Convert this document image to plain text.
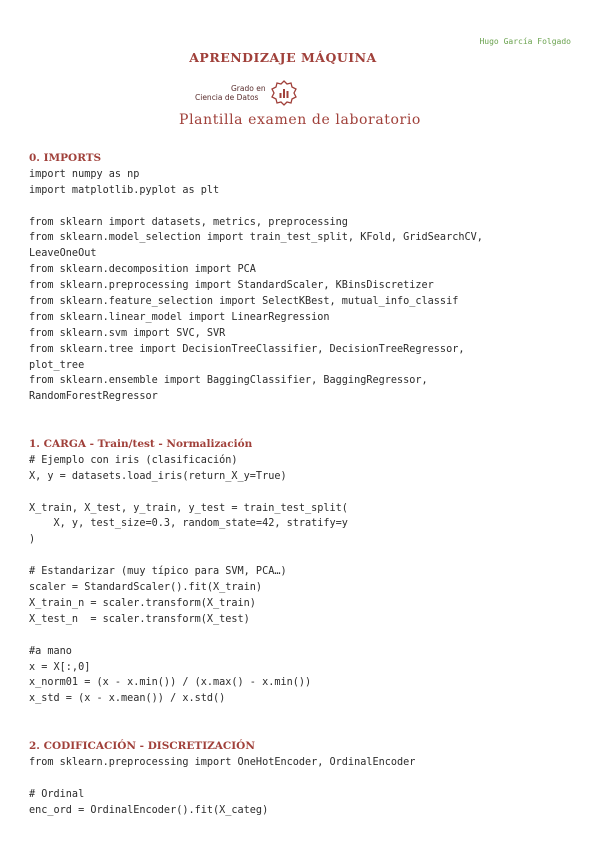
Hugo García Folgado
APRENDIZAJE MÁQUINA
Grado en
Ciencia de Datos
Plantilla examen de laboratorio
0. IMPORTS
import numpy as np
import matplotlib.pyplot as plt
from sklearn import datasets, metrics, preprocessing
from sklearn.model_selection import train_test_split, KFold, GridSearchCV,
LeaveOneOut
from sklearn.decomposition import PCA
from sklearn.preprocessing import StandardScaler, KBinsDiscretizer
from sklearn.feature_selection import SelectKBest, mutual_info_classif
from sklearn.linear_model import LinearRegression
from sklearn.svm import SVC, SVR
from sklearn.tree import DecisionTreeClassifier, DecisionTreeRegressor,
plot_tree
from sklearn.ensemble import BaggingClassifier, BaggingRegressor,
RandomForestRegressor
1. CARGA - Train/test - Normalización
# Ejemplo con iris (clasificación)
X, y = datasets.load_iris(return_X_y=True)
X_train, X_test, y_train, y_test = train_test_split(
X, y, test_size=0.3, random_state=42, stratify=y
)
# Estandarizar (muy típico para SVM, PCA…)
scaler = StandardScaler().fit(X_train)
X_train_n = scaler.transform(X_train)
X_test_n  = scaler.transform(X_test)
#a mano
x = X[:,0]
x_norm01 = (x - x.min()) / (x.max() - x.min())
x_std = (x - x.mean()) / x.std()
2. CODIFICACIÓN - DISCRETIZACIÓN
from sklearn.preprocessing import OneHotEncoder, OrdinalEncoder
# Ordinal
enc_ord = OrdinalEncoder().fit(X_categ)
